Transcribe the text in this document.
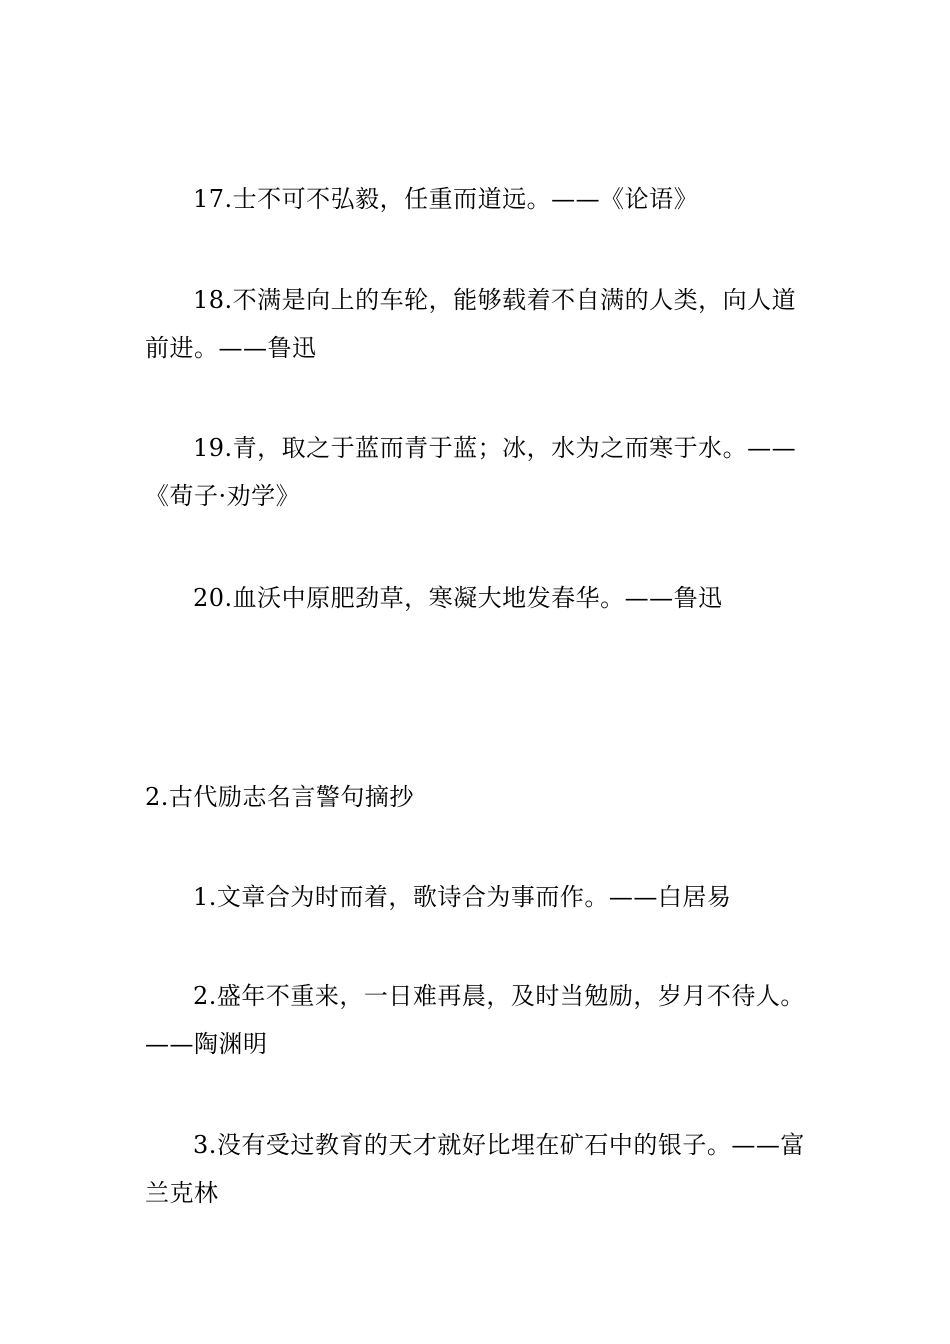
17.士不可不弘毅，任重而道远。——《论语》

18.不满是向上的车轮，能够载着不自满的人类，向人道前进。——鲁迅

19.青，取之于蓝而青于蓝；冰，水为之而寒于水。——《荀子·劝学》

20.血沃中原肥劲草，寒凝大地发春华。——鲁迅

2.古代励志名言警句摘抄

1.文章合为时而着，歌诗合为事而作。——白居易

2.盛年不重来，一日难再晨，及时当勉励，岁月不待人。——陶渊明

3.没有受过教育的天才就好比埋在矿石中的银子。——富兰克林
